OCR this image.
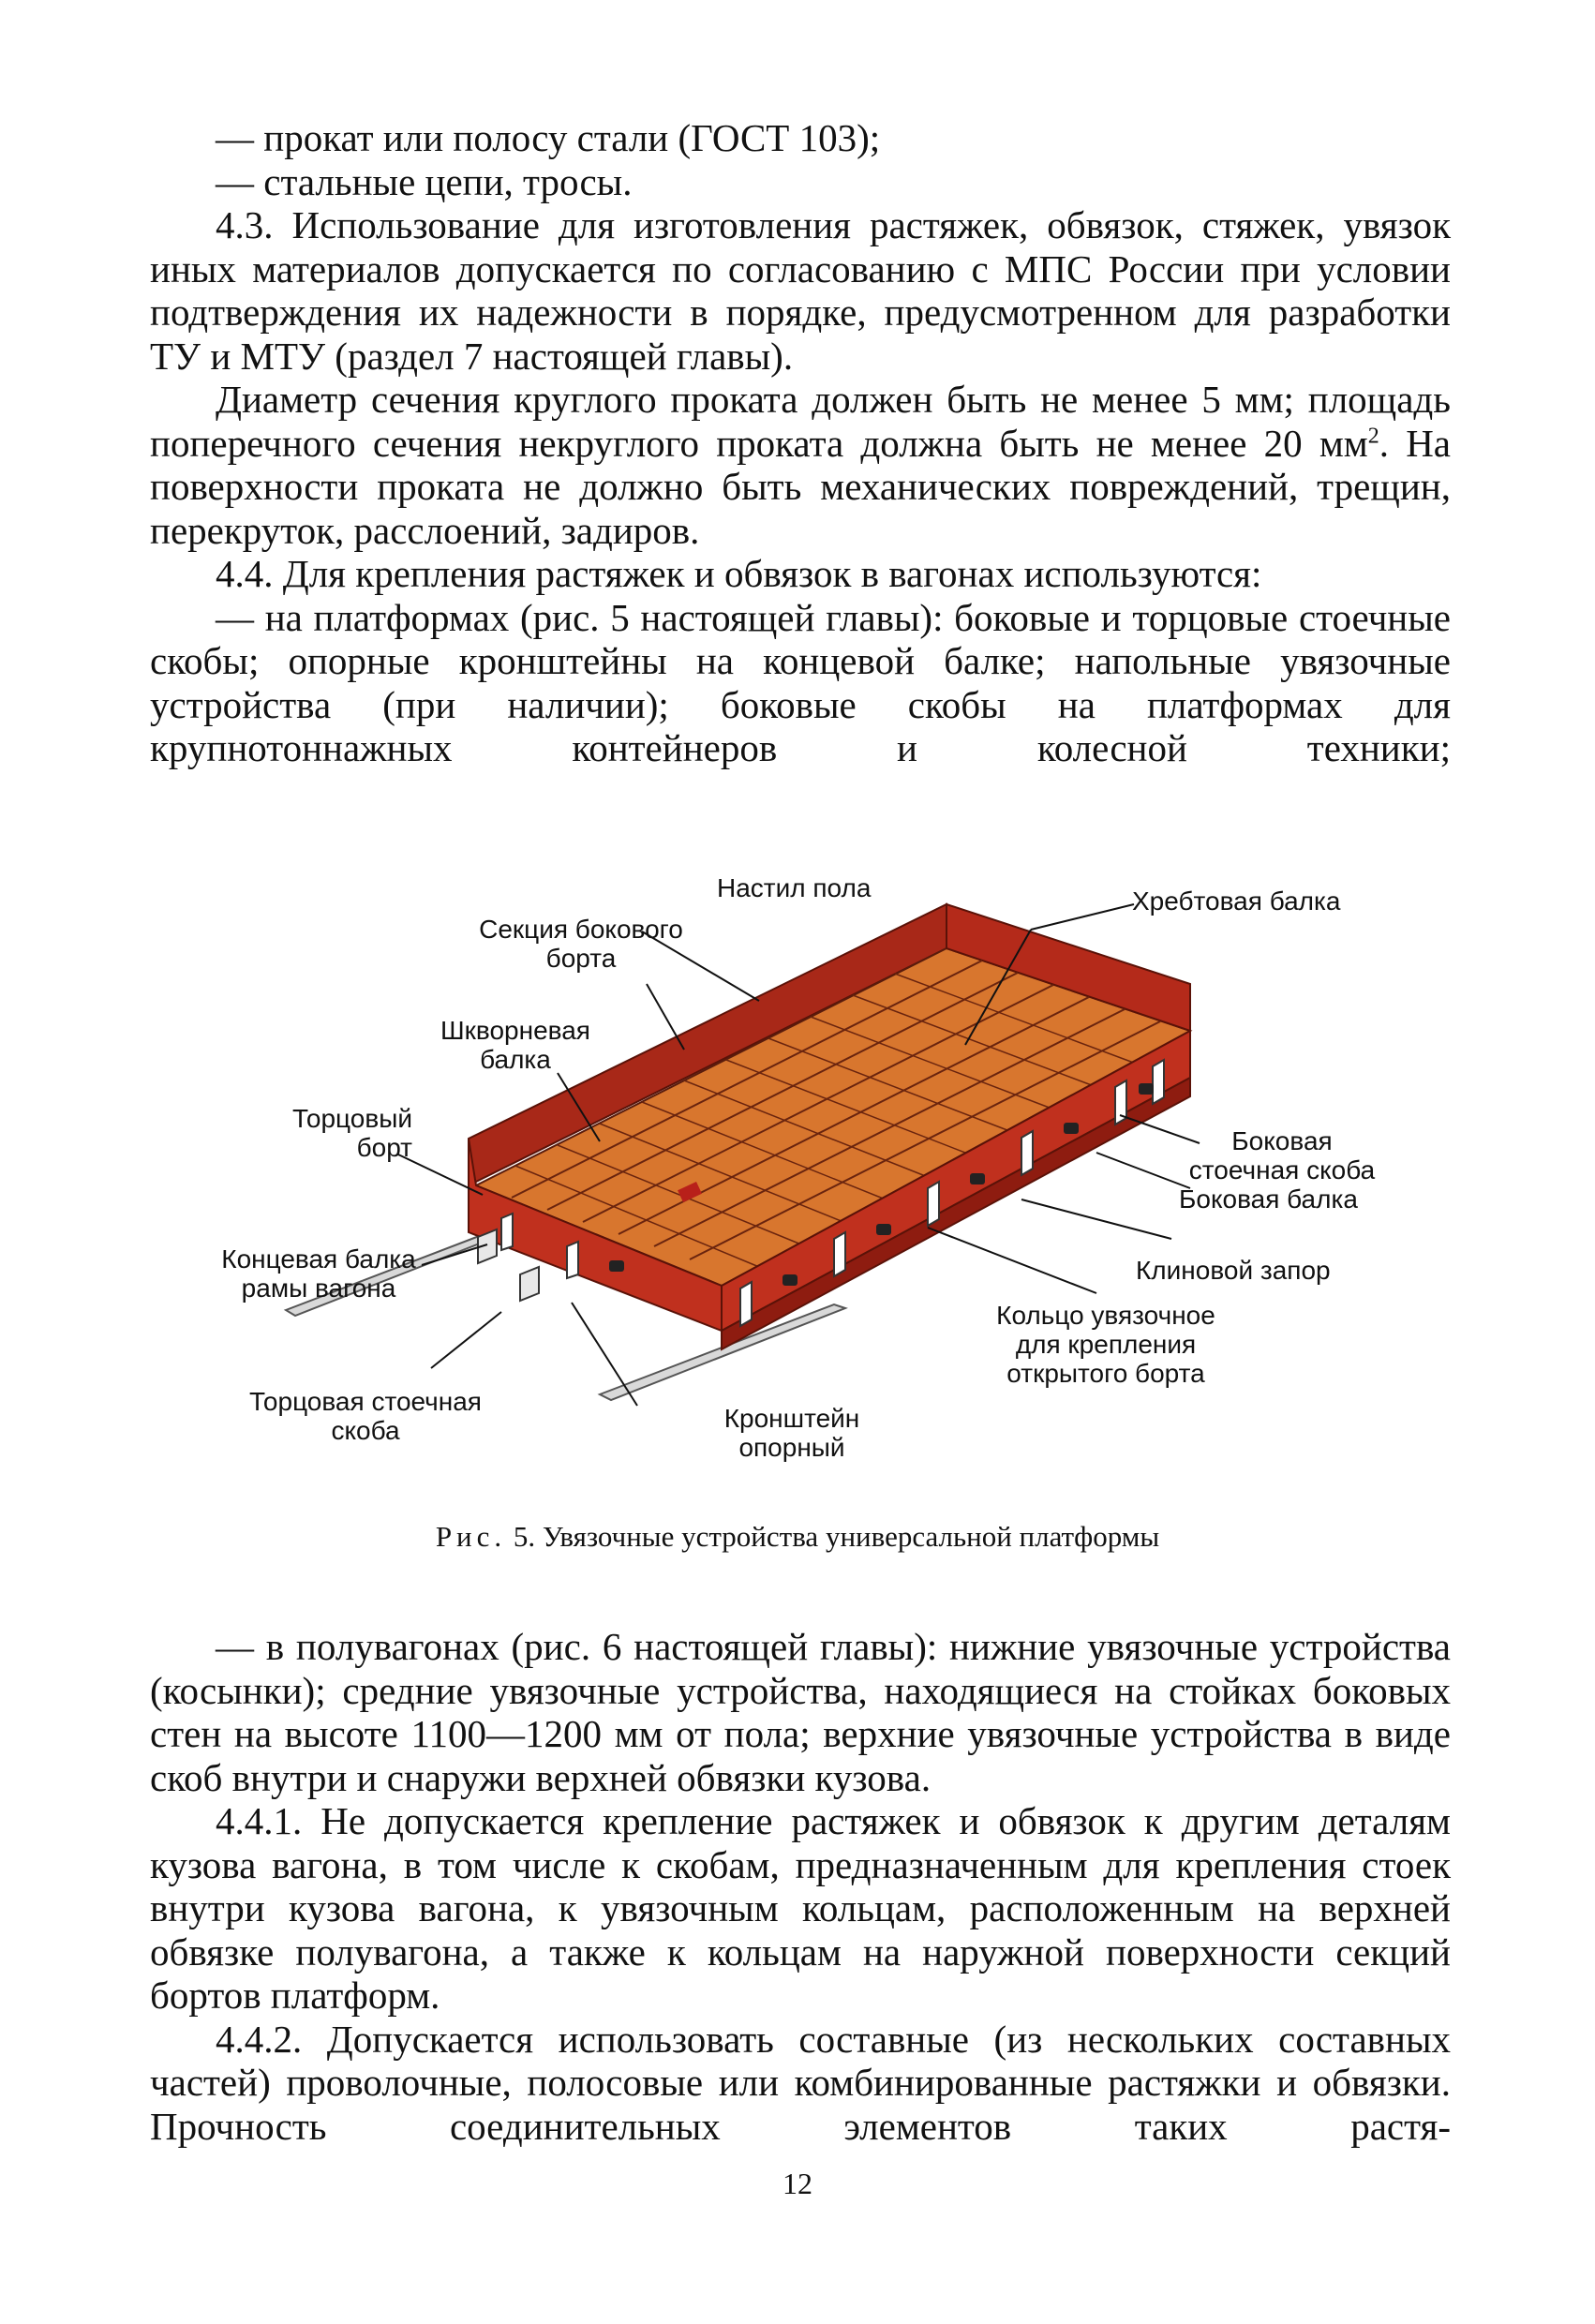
— прокат или полосу стали (ГОСТ 103);

— стальные цепи, тросы.

4.3. Использование для изготовления растяжек, обвязок, стяжек, увязок иных материалов допускается по согласованию с МПС России при условии подтверждения их надежности в порядке, предусмотренном для разработки ТУ и МТУ (раздел 7 настоящей главы).

Диаметр сечения круглого проката должен быть не менее 5 мм; площадь поперечного сечения некруглого проката должна быть не менее 20 $мм^2$. На поверхности проката не должно быть механических повреждений, трещин, перекруток, расслоений, задиров.

4.4. Для крепления растяжек и обвязок в вагонах используются:

— на платформах (рис. 5 настоящей главы): боковые и торцовые стоечные скобы; опорные кронштейны на концевой балке; напольные увязочные устройства (при наличии); боковые скобы на платформах для крупнотоннажных контейнеров и колесной техники;

Настил пола	Хребтовая балка
Секция бокового
борта
Шкворневая
балка
Торцовый
борт	Боковая
стоечная скоба
Боковая балка
Концевая балка
рамы вагона
Клиновой запор
Кольцо увязочное
для крепления
открытого борта
Торцовая стоечная
скоба	Кронштейн
опорный
Рис. 5. Увязочные устройства универсальной платформы

— в полувагонах (рис. 6 настоящей главы): нижние увязочные устройства (косынки); средние увязочные устройства, находящиеся на стойках боковых стен на высоте 1100—1200 мм от пола; верхние увязочные устройства в виде скоб внутри и снаружи верхней обвязки кузова.

4.4.1. Не допускается крепление растяжек и обвязок к другим деталям кузова вагона, в том числе к скобам, предназначенным для крепления стоек внутри кузова вагона, к увязочным кольцам, расположенным на верхней обвязке полувагона, а также к кольцам на наружной поверхности секций бортов платформ.

4.4.2. Допускается использовать составные (из нескольких составных частей) проволочные, полосовые или комбинированные растяжки и обвязки. Прочность соединительных элементов таких растя-

12
